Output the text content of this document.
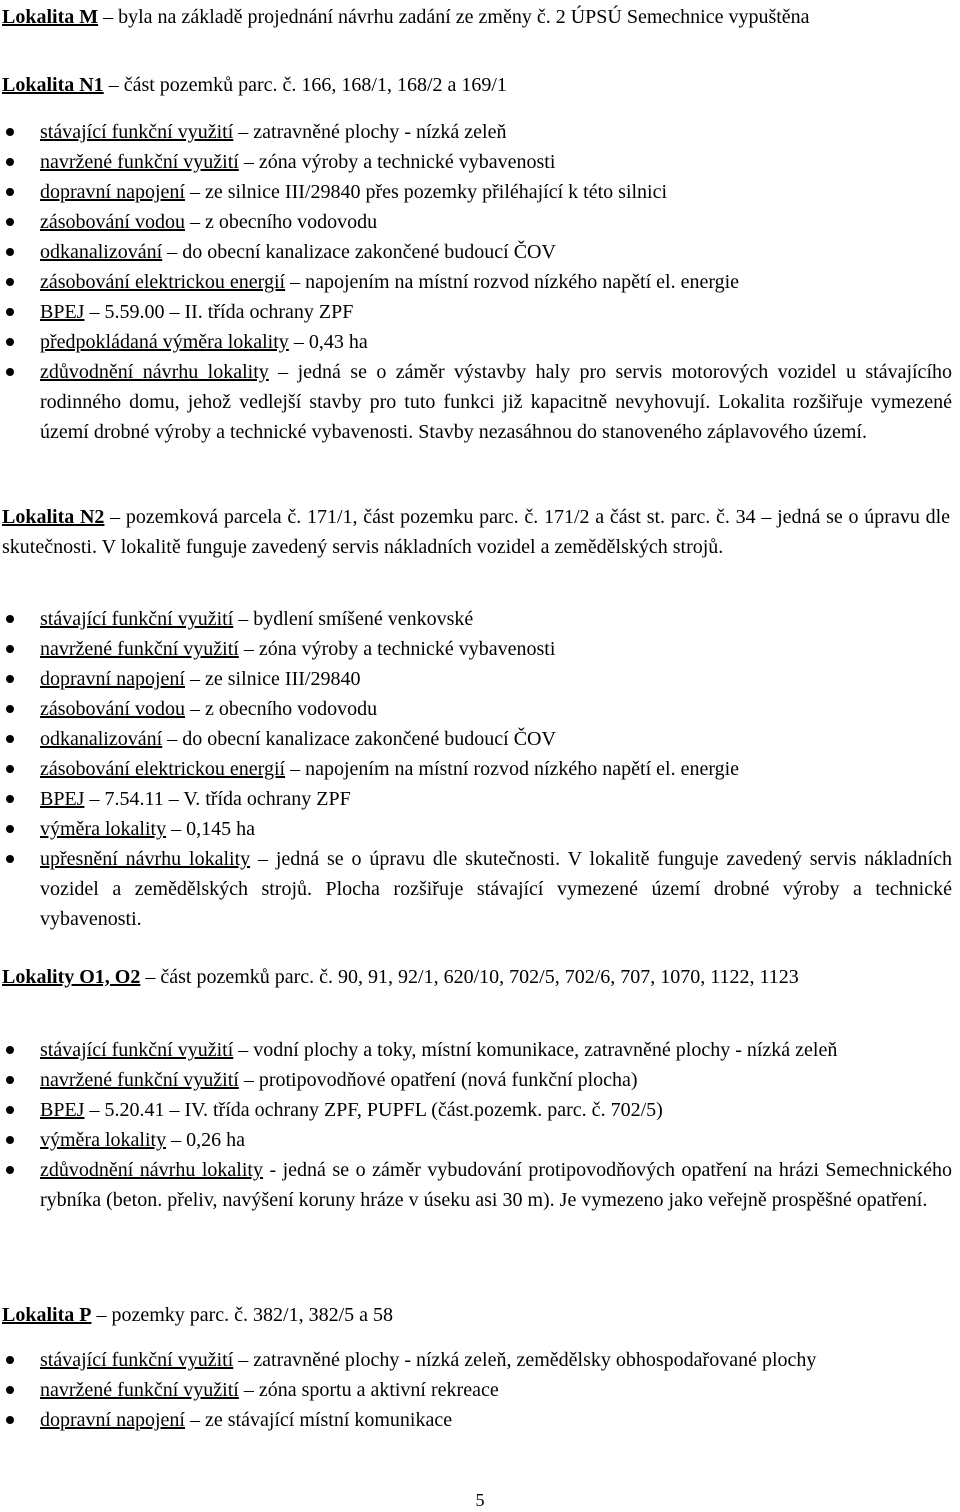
Lokalita M – byla na základě projednání návrhu zadání ze změny č. 2 ÚPSÚ Semechnice vypuštěna
Lokalita N1 – část pozemků parc. č. 166, 168/1, 168/2 a 169/1
stávající funkční využití – zatravněné plochy - nízká zeleň
navržené funkční využití – zóna výroby a technické vybavenosti
dopravní napojení – ze silnice III/29840 přes pozemky přiléhající k této silnici
zásobování vodou – z obecního vodovodu
odkanalizování – do obecní kanalizace zakončené budoucí ČOV
zásobování elektrickou energií – napojením na místní rozvod nízkého napětí el. energie
BPEJ – 5.59.00 – II. třída ochrany ZPF
předpokládaná výměra lokality – 0,43 ha
zdůvodnění návrhu lokality – jedná se o záměr výstavby haly pro servis motorových vozidel u stávajícího rodinného domu, jehož vedlejší stavby pro tuto funkci již kapacitně nevyhovují. Lokalita rozšiřuje vymezené území drobné výroby a technické vybavenosti. Stavby nezasáhnou do stanoveného záplavového území.
Lokalita N2 – pozemková parcela č. 171/1, část pozemku parc. č. 171/2 a část st. parc. č. 34 – jedná se o úpravu dle skutečnosti. V lokalitě funguje zavedený servis nákladních vozidel a zemědělských strojů.
stávající funkční využití – bydlení smíšené venkovské
navržené funkční využití – zóna výroby a technické vybavenosti
dopravní napojení – ze silnice III/29840
zásobování vodou – z obecního vodovodu
odkanalizování – do obecní kanalizace zakončené budoucí ČOV
zásobování elektrickou energií – napojením na místní rozvod nízkého napětí el. energie
BPEJ – 7.54.11 – V. třída ochrany ZPF
výměra lokality – 0,145 ha
upřesnění návrhu lokality – jedná se o úpravu dle skutečnosti. V lokalitě funguje zavedený servis nákladních vozidel a zemědělských strojů. Plocha rozšiřuje stávající vymezené území drobné výroby a technické vybavenosti.
Lokality O1, O2 – část pozemků parc. č. 90, 91, 92/1, 620/10, 702/5, 702/6, 707, 1070, 1122, 1123
stávající funkční využití – vodní plochy a toky, místní komunikace, zatravněné plochy - nízká zeleň
navržené funkční využití – protipovodňové opatření (nová funkční plocha)
BPEJ – 5.20.41 – IV. třída ochrany ZPF, PUPFL (část.pozemk. parc. č. 702/5)
výměra lokality – 0,26 ha
zdůvodnění návrhu lokality - jedná se o záměr vybudování protipovodňových opatření na hrázi Semechnického rybníka (beton. přeliv, navýšení koruny hráze v úseku asi 30 m). Je vymezeno jako veřejně prospěšné opatření.
Lokalita P – pozemky parc. č. 382/1, 382/5 a 58
stávající funkční využití – zatravněné plochy - nízká zeleň, zemědělsky obhospodařované plochy
navržené funkční využití – zóna sportu a aktivní rekreace
dopravní napojení – ze stávající místní komunikace
5
